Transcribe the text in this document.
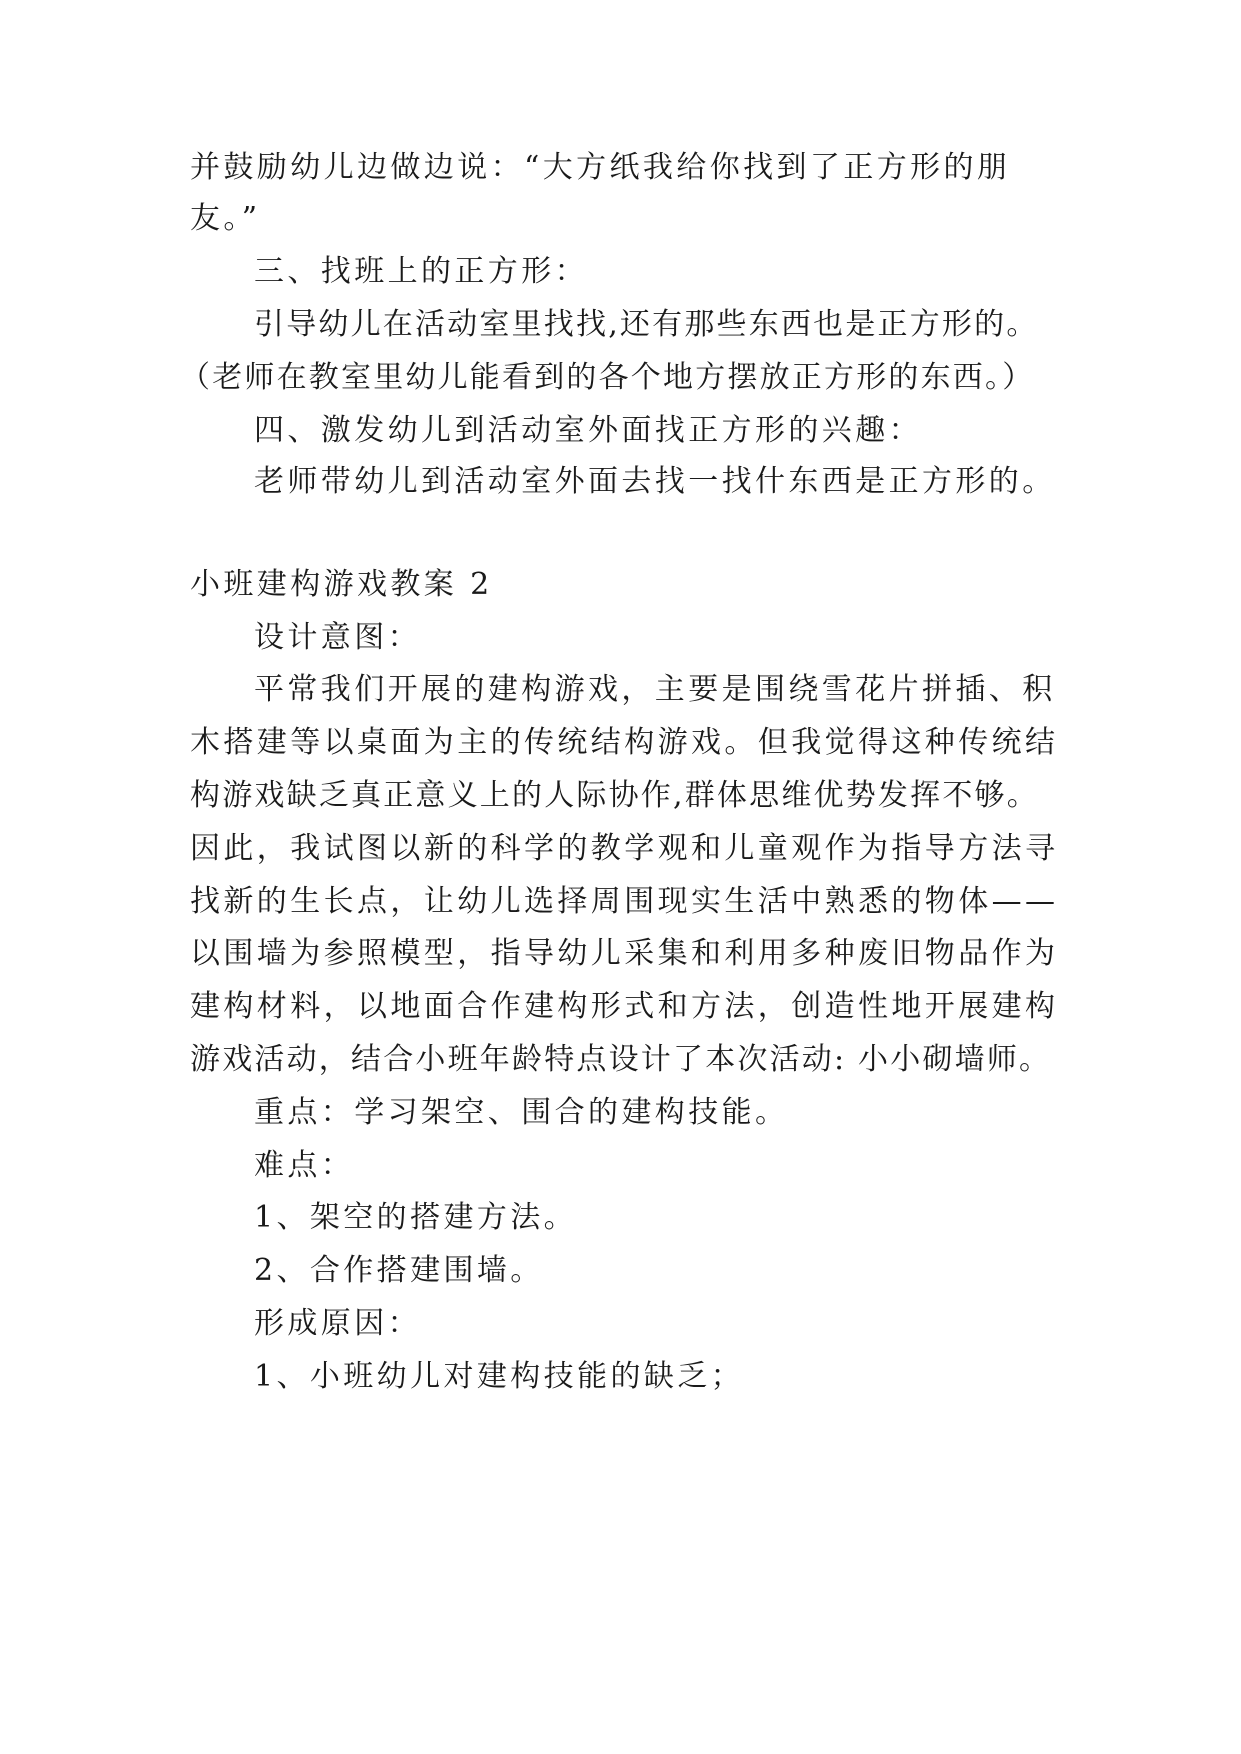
并鼓励幼儿边做边说：“大方纸我给你找到了正方形的朋
友。”
三、找班上的正方形：
引导幼儿在活动室里找找,还有那些东西也是正方形的。
（老师在教室里幼儿能看到的各个地方摆放正方形的东西。）
四、激发幼儿到活动室外面找正方形的兴趣：
老师带幼儿到活动室外面去找一找什东西是正方形的。
小班建构游戏教案 2
设计意图：
平常我们开展的建构游戏，主要是围绕雪花片拼插、积
木搭建等以桌面为主的传统结构游戏。但我觉得这种传统结
构游戏缺乏真正意义上的人际协作,群体思维优势发挥不够。
因此，我试图以新的科学的教学观和儿童观作为指导方法寻
找新的生长点，让幼儿选择周围现实生活中熟悉的物体——
以围墙为参照模型，指导幼儿采集和利用多种废旧物品作为
建构材料，以地面合作建构形式和方法，创造性地开展建构
游戏活动，结合小班年龄特点设计了本次活动: 小小砌墙师。
重点：学习架空、围合的建构技能。
难点：
1、架空的搭建方法。
2、合作搭建围墙。
形成原因：
1、小班幼儿对建构技能的缺乏；
